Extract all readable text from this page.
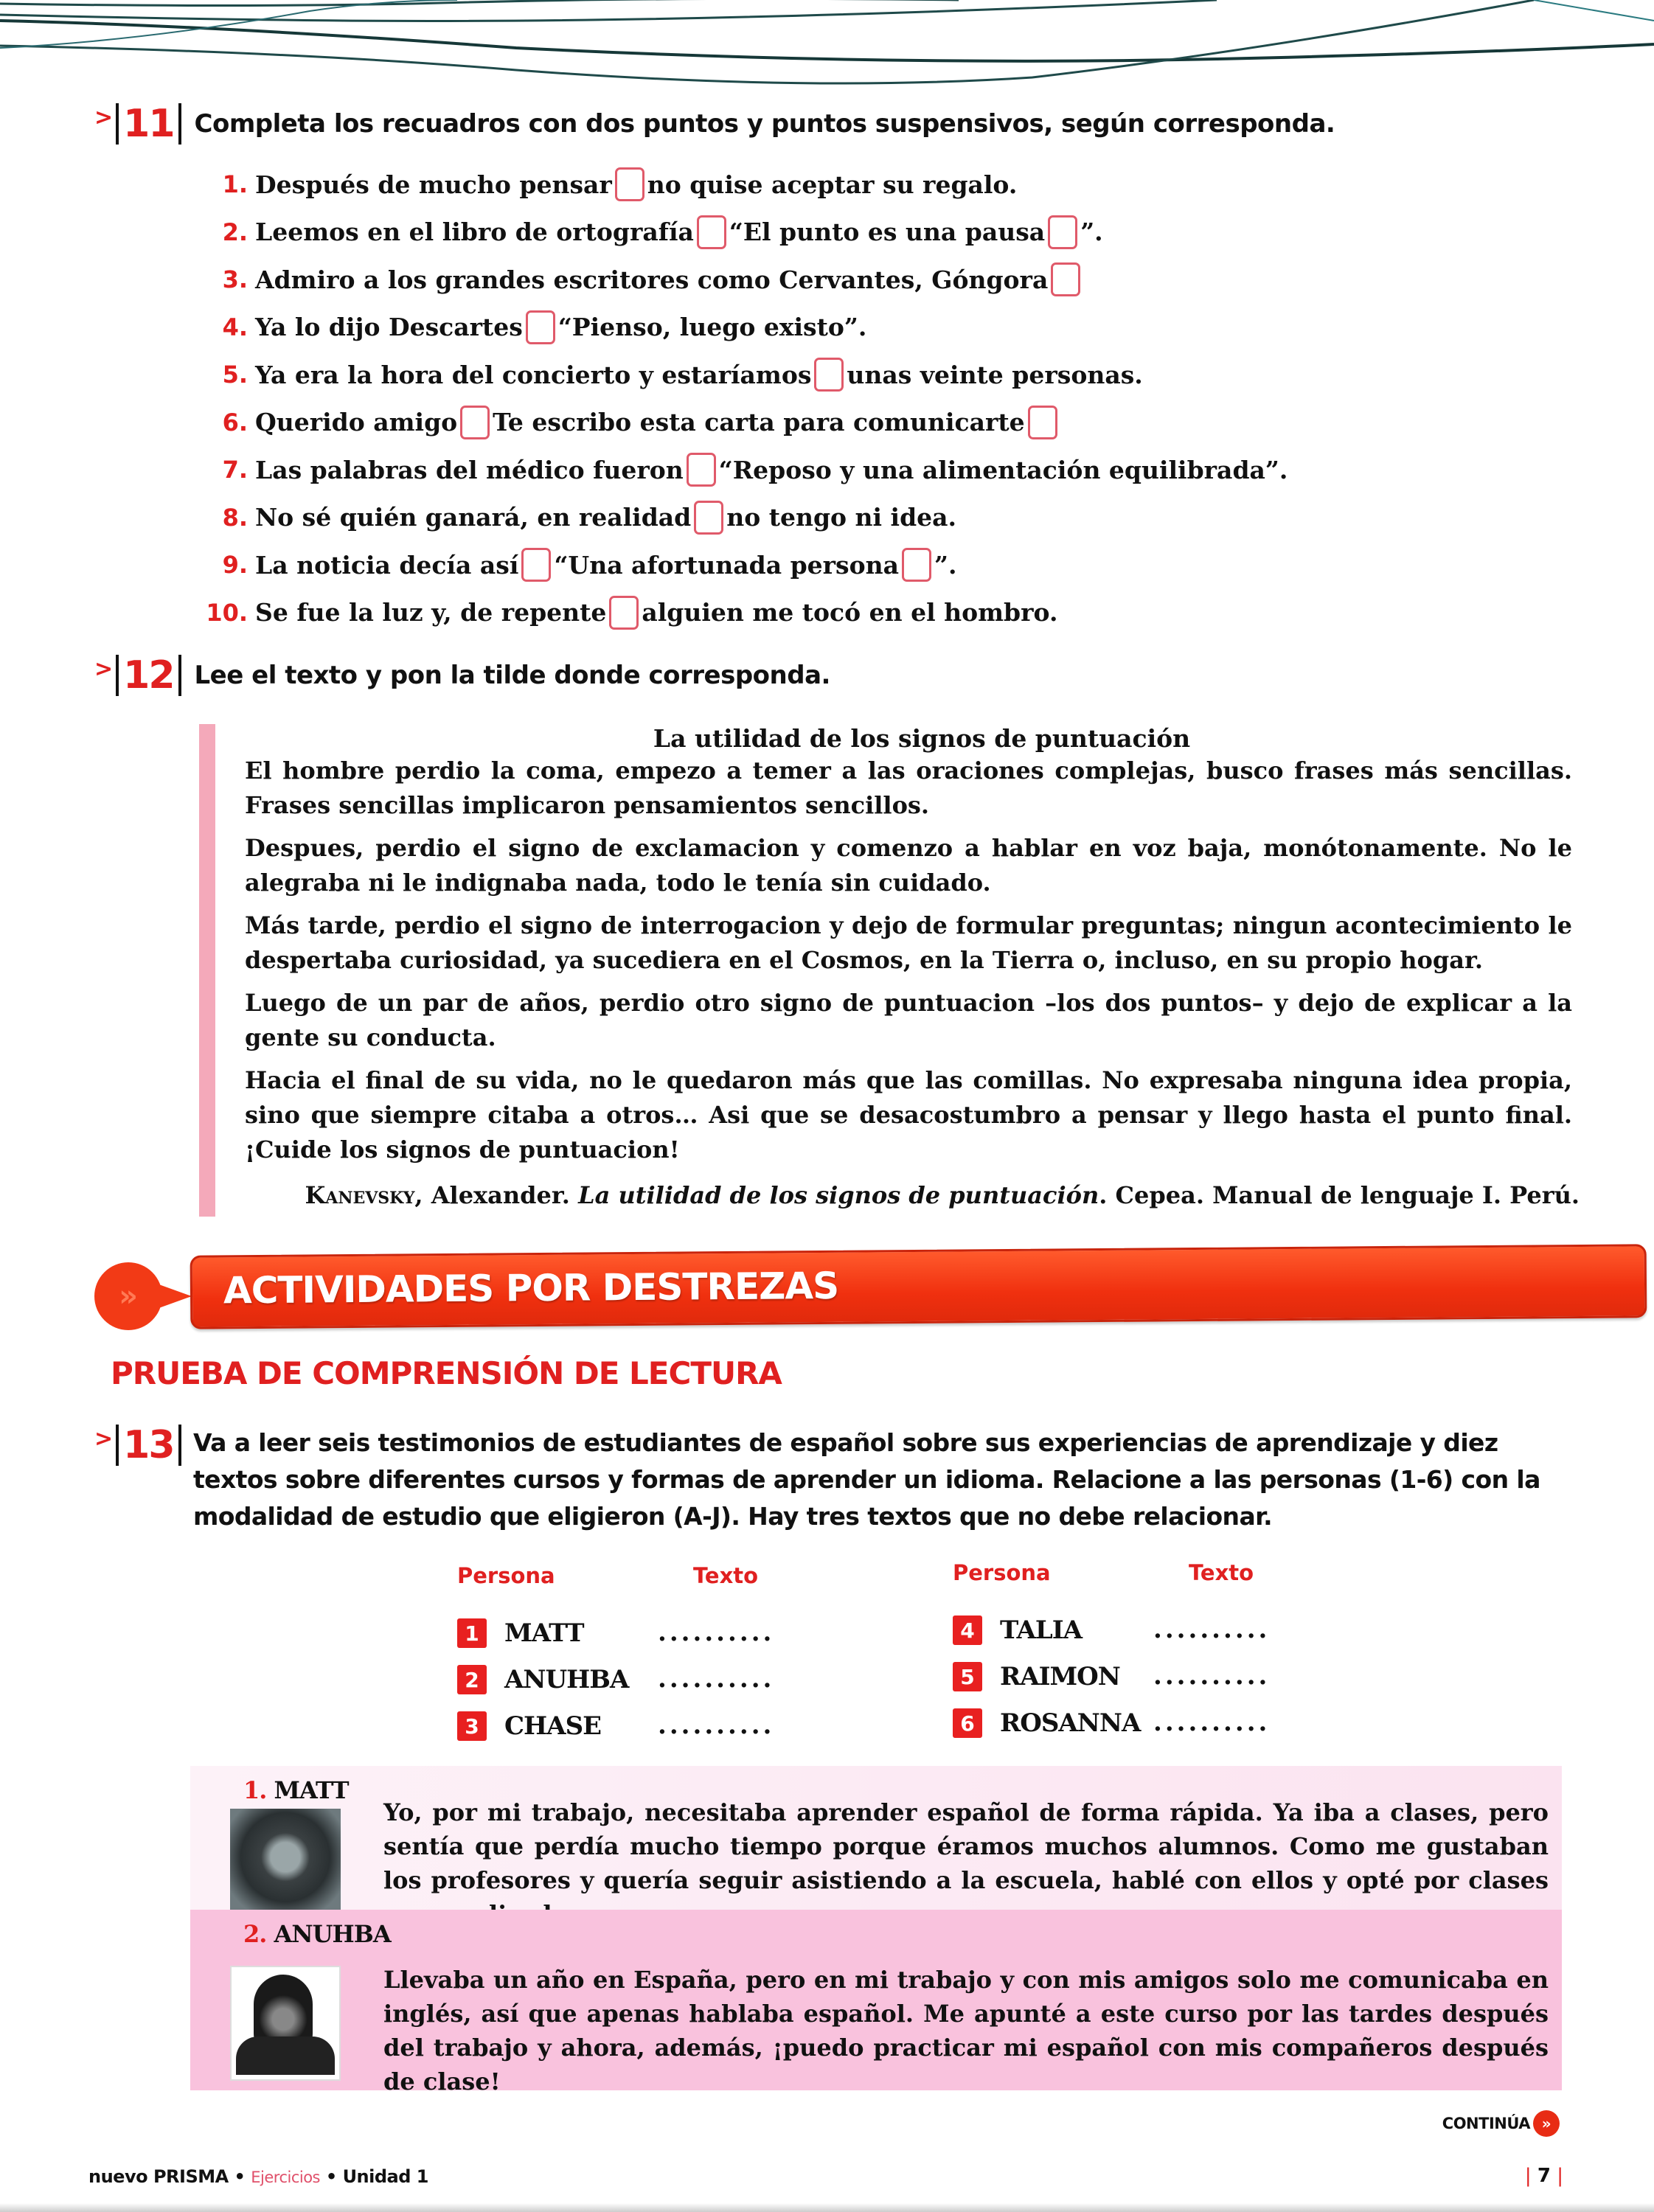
> 11 Completa los recuadros con dos puntos y puntos suspensivos, según corresponda.
1. Después de mucho pensar no quise aceptar su regalo.
2. Leemos en el libro de ortografía “El punto es una pausa ”.
3. Admiro a los grandes escritores como Cervantes, Góngora
4. Ya lo dijo Descartes “Pienso, luego existo”.
5. Ya era la hora del concierto y estaríamos unas veinte personas.
6. Querido amigo Te escribo esta carta para comunicarte
7. Las palabras del médico fueron “Reposo y una alimentación equilibrada”.
8. No sé quién ganará, en realidad no tengo ni idea.
9. La noticia decía así “Una afortunada persona ”.
10. Se fue la luz y, de repente alguien me tocó en el hombro.
> 12 Lee el texto y pon la tilde donde corresponda.
La utilidad de los signos de puntuación

El hombre perdio la coma, empezo a temer a las oraciones complejas, busco frases más sencillas. Frases sencillas implicaron pensamientos sencillos.

Despues, perdio el signo de exclamacion y comenzo a hablar en voz baja, monótonamente. No le alegraba ni le indignaba nada, todo le tenía sin cuidado.

Más tarde, perdio el signo de interrogacion y dejo de formular preguntas; ningun acontecimiento le despertaba curiosidad, ya sucediera en el Cosmos, en la Tierra o, incluso, en su propio hogar.

Luego de un par de años, perdio otro signo de puntuacion –los dos puntos– y dejo de explicar a la gente su conducta.

Hacia el final de su vida, no le quedaron más que las comillas. No expresaba ninguna idea propia, sino que siempre citaba a otros… Asi que se desacostumbro a pensar y llego hasta el punto final. ¡Cuide los signos de puntuacion!

Kanevsky, Alexander. La utilidad de los signos de puntuación. Cepea. Manual de lenguaje I. Perú.
»	ACTIVIDADES POR DESTREZAS
PRUEBA DE COMPRENSIÓN DE LECTURA
> 13 Va a leer seis testimonios de estudiantes de español sobre sus experiencias de aprendizaje y diez textos sobre diferentes cursos y formas de aprender un idioma. Relacione a las personas (1-6) con la modalidad de estudio que eligieron (A-J). Hay tres textos que no debe relacionar.
Persona	Texto
1	MATT	..........
2	ANUHBA ..........
3	CHASE ..........
Persona	Texto
4	TALIA	..........
5	RAIMON ..........
6	ROSANNA ..........
1. MATT
Yo, por mi trabajo, necesitaba aprender español de forma rápida. Ya iba a clases, pero sentía que perdía mucho tiempo porque éramos muchos alumnos. Como me gustaban los profesores y quería seguir asistiendo a la escuela, hablé con ellos y opté por clases
2. ANUHBA
Llevaba un año en España, pero en mi trabajo y con mis amigos solo me comunicaba en inglés, así que apenas hablaba español. Me apunté a este curso por las tardes después del trabajo y ahora, además, ¡puedo practicar mi español con mis compañeros después de clase!
CONTINÚA »
nuevo PRISMA • Ejercicios • Unidad 1	| 7 |
